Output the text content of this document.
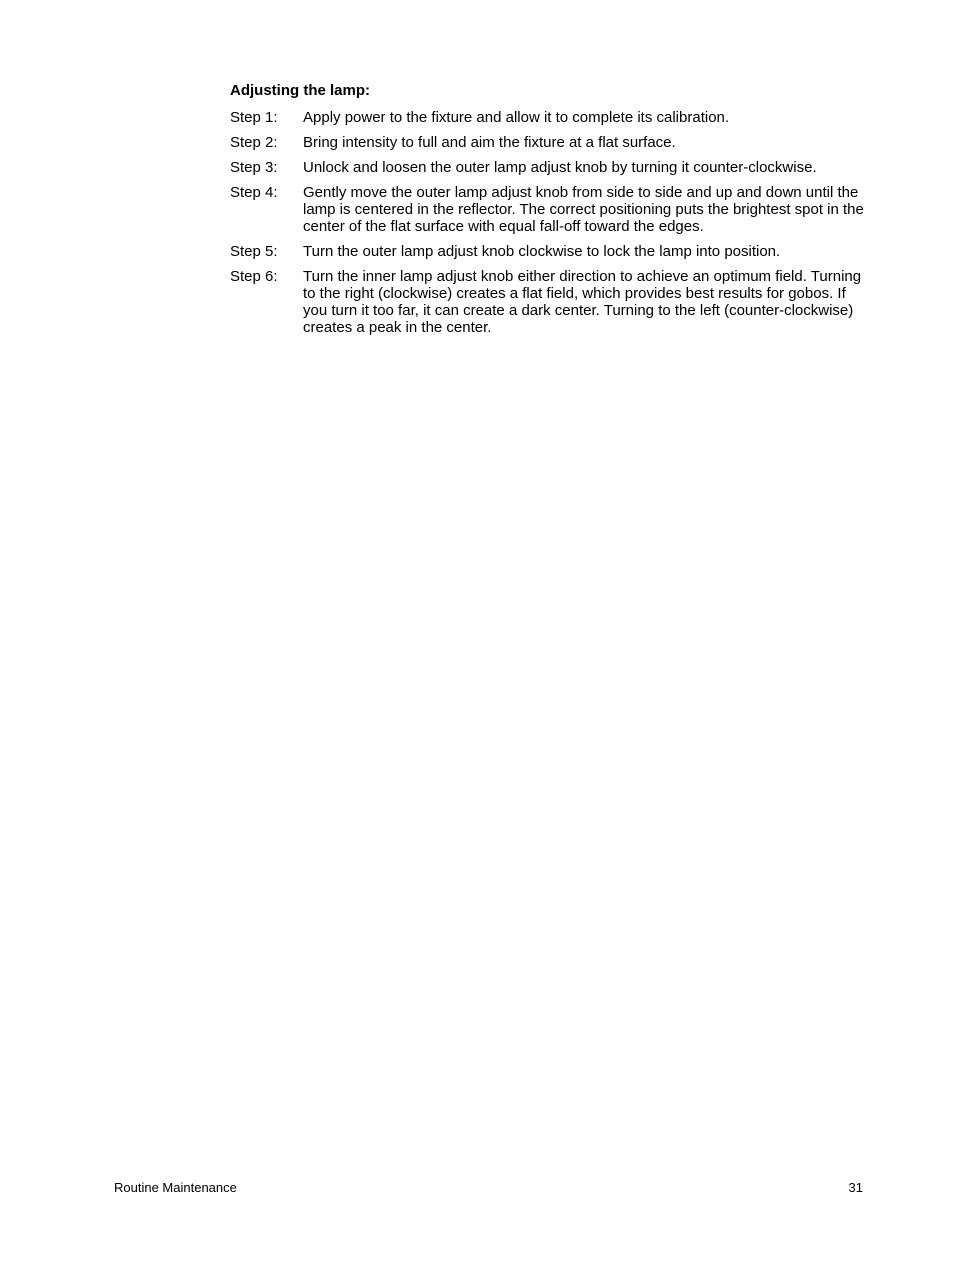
Adjusting the lamp:
Step 1:	Apply power to the fixture and allow it to complete its calibration.
Step 2:	Bring intensity to full and aim the fixture at a flat surface.
Step 3:	Unlock and loosen the outer lamp adjust knob by turning it counter-clockwise.
Step 4:	Gently move the outer lamp adjust knob from side to side and up and down until the lamp is centered in the reflector. The correct positioning puts the brightest spot in the center of the flat surface with equal fall-off toward the edges.
Step 5:	Turn the outer lamp adjust knob clockwise to lock the lamp into position.
Step 6:	Turn the inner lamp adjust knob either direction to achieve an optimum field. Turning to the right (clockwise) creates a flat field, which provides best results for gobos. If you turn it too far, it can create a dark center. Turning to the left (counter-clockwise) creates a peak in the center.
Routine Maintenance	31
